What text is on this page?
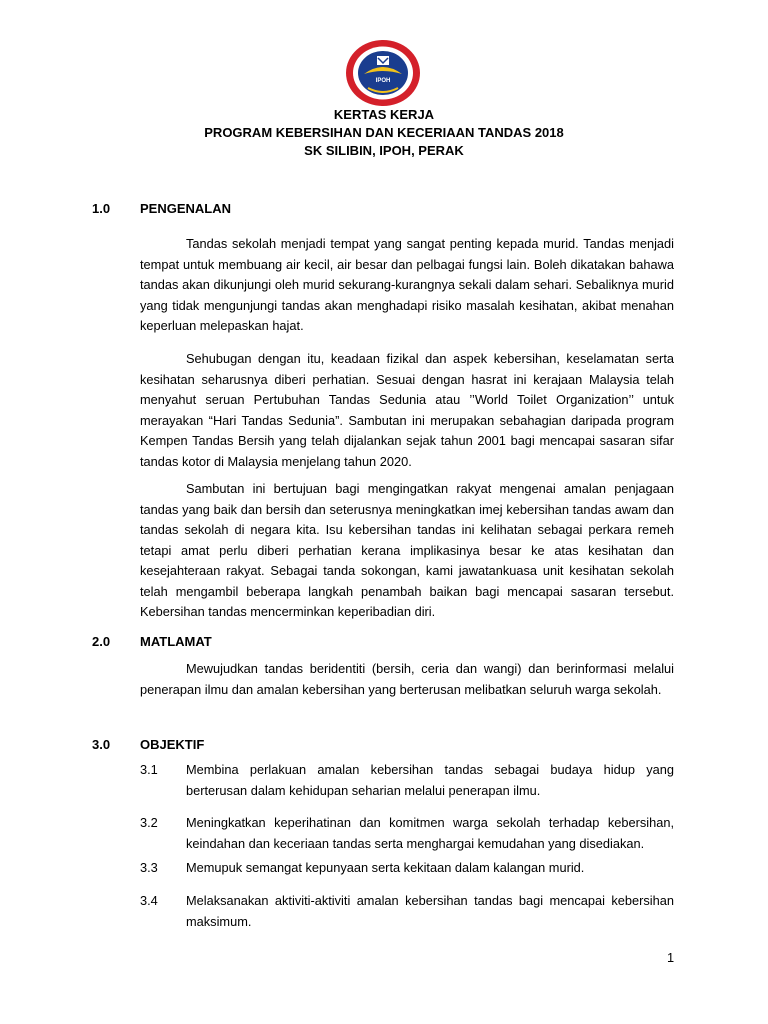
IPOH
KERTAS KERJA
PROGRAM KEBERSIHAN DAN KECERIAAN TANDAS 2018
SK SILIBIN, IPOH, PERAK
1.0 PENGENALAN
Tandas sekolah menjadi tempat yang sangat penting kepada murid. Tandas menjadi tempat untuk membuang air kecil, air besar dan pelbagai fungsi lain. Boleh dikatakan bahawa tandas akan dikunjungi oleh murid sekurang-kurangnya sekali dalam sehari. Sebaliknya murid yang tidak mengunjungi tandas akan menghadapi risiko masalah kesihatan, akibat menahan keperluan melepaskan hajat.
Sehubugan dengan itu, keadaan fizikal dan aspek kebersihan, keselamatan serta kesihatan seharusnya diberi perhatian. Sesuai dengan hasrat ini kerajaan Malaysia telah menyahut seruan Pertubuhan Tandas Sedunia atau ’’World Toilet Organization’’ untuk merayakan “Hari Tandas Sedunia”. Sambutan ini merupakan sebahagian daripada program Kempen Tandas Bersih yang telah dijalankan sejak tahun 2001 bagi mencapai sasaran sifar tandas kotor di Malaysia menjelang tahun 2020.
Sambutan ini bertujuan bagi mengingatkan rakyat mengenai amalan penjagaan tandas yang baik dan bersih dan seterusnya meningkatkan imej kebersihan tandas awam dan tandas sekolah di negara kita. Isu kebersihan tandas ini kelihatan sebagai perkara remeh tetapi amat perlu diberi perhatian kerana implikasinya besar ke atas kesihatan dan kesejahteraan rakyat. Sebagai tanda sokongan, kami jawatankuasa unit kesihatan sekolah telah mengambil beberapa langkah penambah baikan bagi mencapai sasaran tersebut. Kebersihan tandas mencerminkan keperibadian diri.
2.0 MATLAMAT
Mewujudkan tandas beridentiti (bersih, ceria dan wangi) dan berinformasi melalui penerapan ilmu dan amalan kebersihan yang berterusan melibatkan seluruh warga sekolah.
3.0 OBJEKTIF
3.1	Membina perlakuan amalan kebersihan tandas sebagai budaya hidup yang berterusan dalam kehidupan seharian melalui penerapan ilmu.
3.2	Meningkatkan keperihatinan dan komitmen warga sekolah terhadap kebersihan, keindahan dan keceriaan tandas serta menghargai kemudahan yang disediakan.
3.3	Memupuk semangat kepunyaan serta kekitaan dalam kalangan murid.
3.4	Melaksanakan aktiviti-aktiviti amalan kebersihan tandas bagi mencapai kebersihan maksimum.
1
